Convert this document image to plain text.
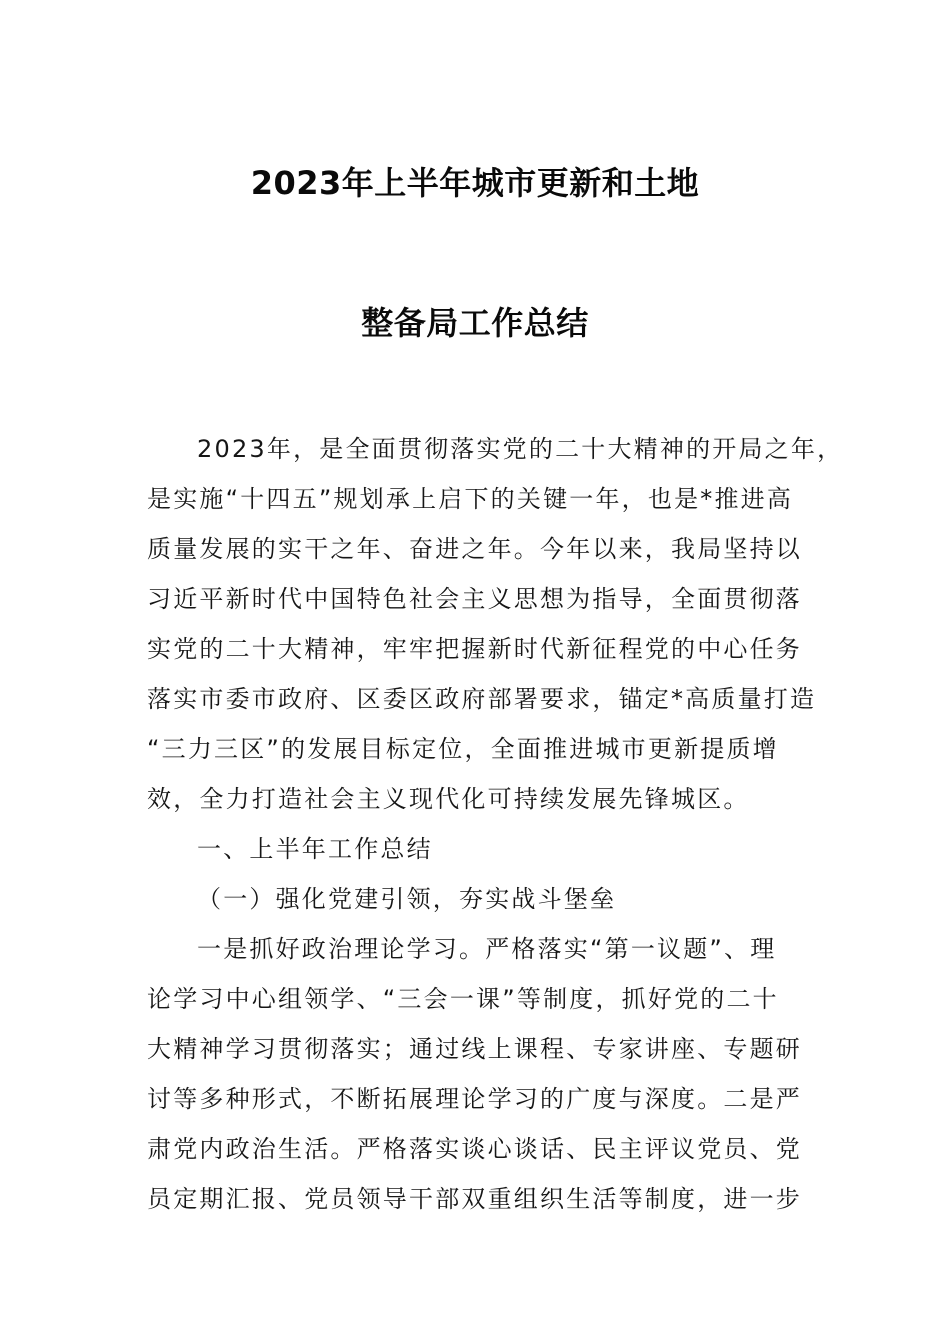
2023年上半年城市更新和土地
整备局工作总结
2023年，是全面贯彻落实党的二十大精神的开局之年，
是实施“十四五”规划承上启下的关键一年，也是*推进高
质量发展的实干之年、奋进之年。今年以来，我局坚持以
习近平新时代中国特色社会主义思想为指导，全面贯彻落
实党的二十大精神，牢牢把握新时代新征程党的中心任务
落实市委市政府、区委区政府部署要求，锚定*高质量打造
“三力三区”的发展目标定位，全面推进城市更新提质增
效，全力打造社会主义现代化可持续发展先锋城区。
一、上半年工作总结
（一）强化党建引领，夯实战斗堡垒
一是抓好政治理论学习。严格落实“第一议题”、理
论学习中心组领学、“三会一课”等制度，抓好党的二十
大精神学习贯彻落实；通过线上课程、专家讲座、专题研
讨等多种形式，不断拓展理论学习的广度与深度。二是严
肃党内政治生活。严格落实谈心谈话、民主评议党员、党
员定期汇报、党员领导干部双重组织生活等制度，进一步
